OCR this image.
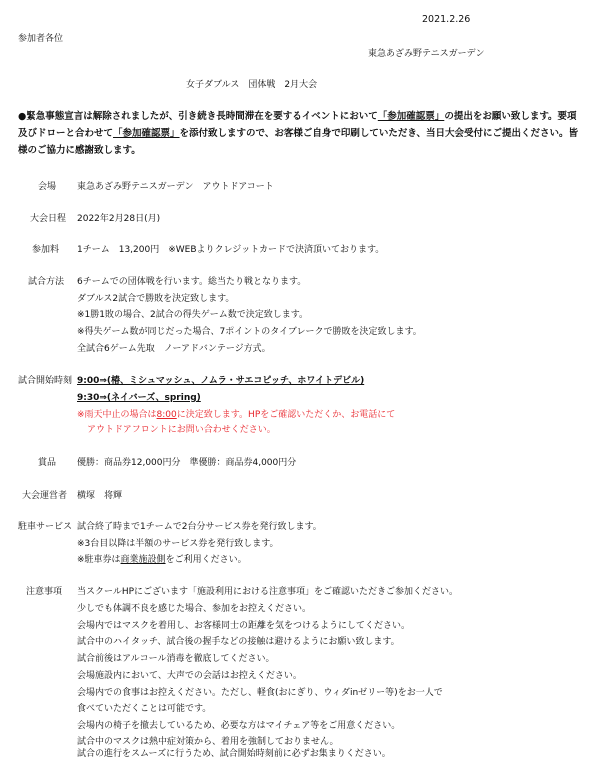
2021.2.26
参加者各位
東急あざみ野テニスガーデン
女子ダブルス　団体戦　2月大会
●緊急事態宣言は解除されましたが、引き続き長時間滞在を要するイベントにおいて「参加確認票」の提出をお願い致します。要項及びドローと合わせて「参加確認票」を添付致しますので、お客様ご自身で印刷していただき、当日大会受付にご提出ください。皆様のご協力に感謝致します。
会場 東急あざみ野テニスガーデン　アウトドアコート
大会日程 2022年2月28日(月)
参加料 1チーム　13,200円　※WEBよりクレジットカードで決済頂いております。
試合方法 6チームでの団体戦を行います。総当たり戦となります。
ダブルス2試合で勝敗を決定致します。
※1勝1敗の場合、2試合の得失ゲーム数で決定致します。
※得失ゲーム数が同じだった場合、7ポイントのタイブレークで勝敗を決定致します。
全試合6ゲーム先取　ノーアドバンテージ方式。
試合開始時刻 9:00⇒(椿、ミシュマッシュ、ノムラ・サエコピッチ、ホワイトデビル)
9:30⇒(ネイバーズ、spring)
※雨天中止の場合は8:00に決定致します。HPをご確認いただくか、お電話にて
アウトドアフロントにお問い合わせください。
賞品 優勝：商品券12,000円分　準優勝：商品券4,000円分
大会運営者 横塚　将輝
駐車サービス 試合終了時まで1チームで2台分サービス券を発行致します。
※3台目以降は半額のサービス券を発行致します。
※駐車券は商業施設側をご利用ください。
注意事項 当スクールHPにございます「施設利用における注意事項」をご確認いただきご参加ください。
少しでも体調不良を感じた場合、参加をお控えください。
会場内ではマスクを着用し、お客様同士の距離を気をつけるようにしてください。
試合中のハイタッチ、試合後の握手などの接触は避けるようにお願い致します。
試合前後はアルコール消毒を徹底してください。
会場施設内において、大声での会話はお控えください。
会場内での食事はお控えください。ただし、軽食(おにぎり、ウィダinゼリー等)をお一人で
食べていただくことは可能です。
会場内の椅子を撤去しているため、必要な方はマイチェア等をご用意ください。
試合中のマスクは熱中症対策から、着用を強制しておりません。
試合の進行をスムーズに行うため、試合開始時刻前に必ずお集まりください。
